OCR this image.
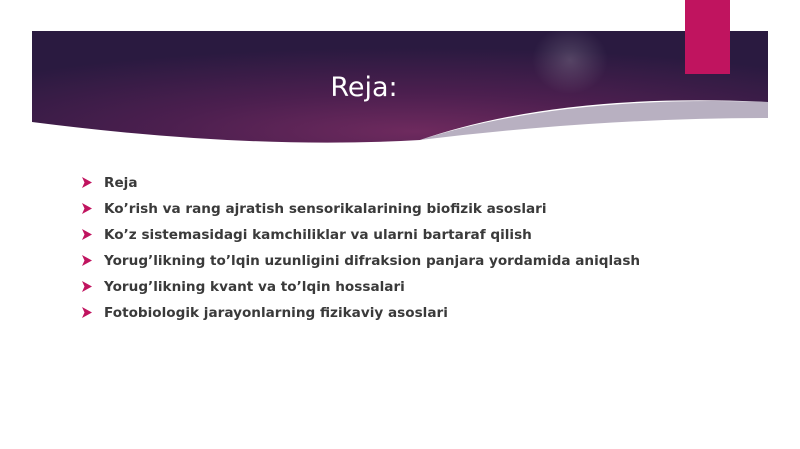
Reja:
Reja
Ko’rish va rang ajratish sensorikalarining biofizik asoslari
Ko’z sistemasidagi kamchiliklar va ularni bartaraf qilish
Yorug’likning to’lqin uzunligini difraksion panjara yordamida aniqlash
Yorug’likning kvant va to’lqin hossalari
Fotobiologik jarayonlarning fizikaviy asoslari
